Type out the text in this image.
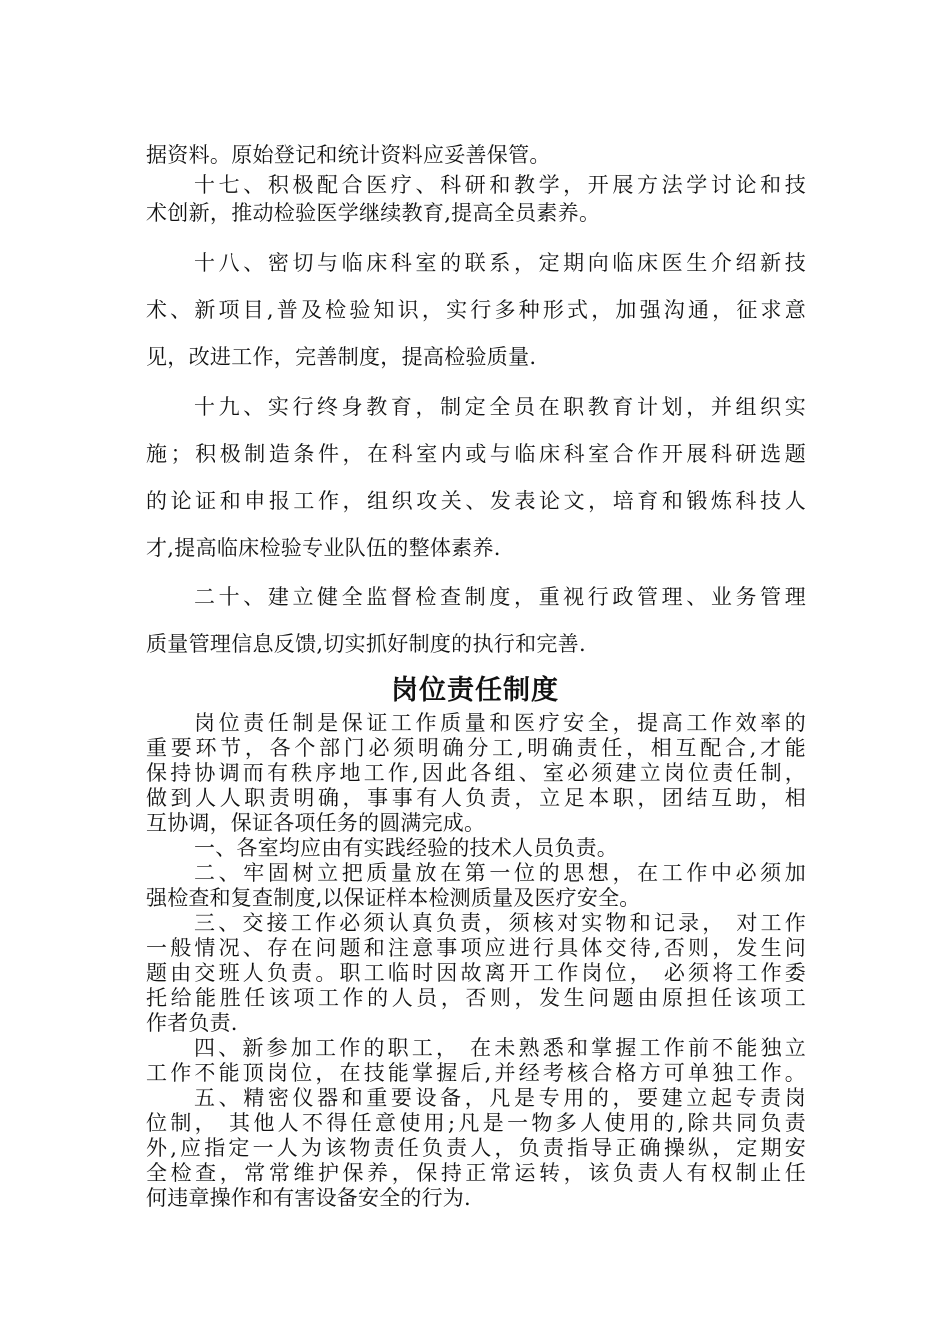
据资料。原始登记和统计资料应妥善保管。
十七、积极配合医疗、科研和教学，开展方法学讨论和技
术创新，推动检验医学继续教育,提高全员素养。
十八、密切与临床科室的联系，定期向临床医生介绍新技
术、新项目,普及检验知识，实行多种形式，加强沟通，征求意
见，改进工作，完善制度，提高检验质量.
十九、实行终身教育，制定全员在职教育计划，并组织实
施；积极制造条件，在科室内或与临床科室合作开展科研选题
的论证和申报工作，组织攻关、发表论文，培育和锻炼科技人
才,提高临床检验专业队伍的整体素养.
二十、建立健全监督检查制度，重视行政管理、业务管理
质量管理信息反馈,切实抓好制度的执行和完善.
岗位责任制度
岗位责任制是保证工作质量和医疗安全，提高工作效率的
重要环节，各个部门必须明确分工,明确责任，相互配合,才能
保持协调而有秩序地工作,因此各组、室必须建立岗位责任制，
做到人人职责明确，事事有人负责，立足本职，团结互助，相
互协调，保证各项任务的圆满完成。
一、各室均应由有实践经验的技术人员负责。
二、牢固树立把质量放在第一位的思想，在工作中必须加
强检查和复查制度,以保证样本检测质量及医疗安全。
三、交接工作必须认真负责，须核对实物和记录， 对工作
一般情况、存在问题和注意事项应进行具体交待,否则，发生问
题由交班人负责。职工临时因故离开工作岗位， 必须将工作委
托给能胜任该项工作的人员，否则，发生问题由原担任该项工
作者负责.
四、新参加工作的职工， 在未熟悉和掌握工作前不能独立
工作不能顶岗位，在技能掌握后,并经考核合格方可单独工作。
五、精密仪器和重要设备，凡是专用的，要建立起专责岗
位制， 其他人不得任意使用;凡是一物多人使用的,除共同负责
外,应指定一人为该物责任负责人，负责指导正确操纵，定期安
全检查，常常维护保养，保持正常运转，该负责人有权制止任
何违章操作和有害设备安全的行为.
